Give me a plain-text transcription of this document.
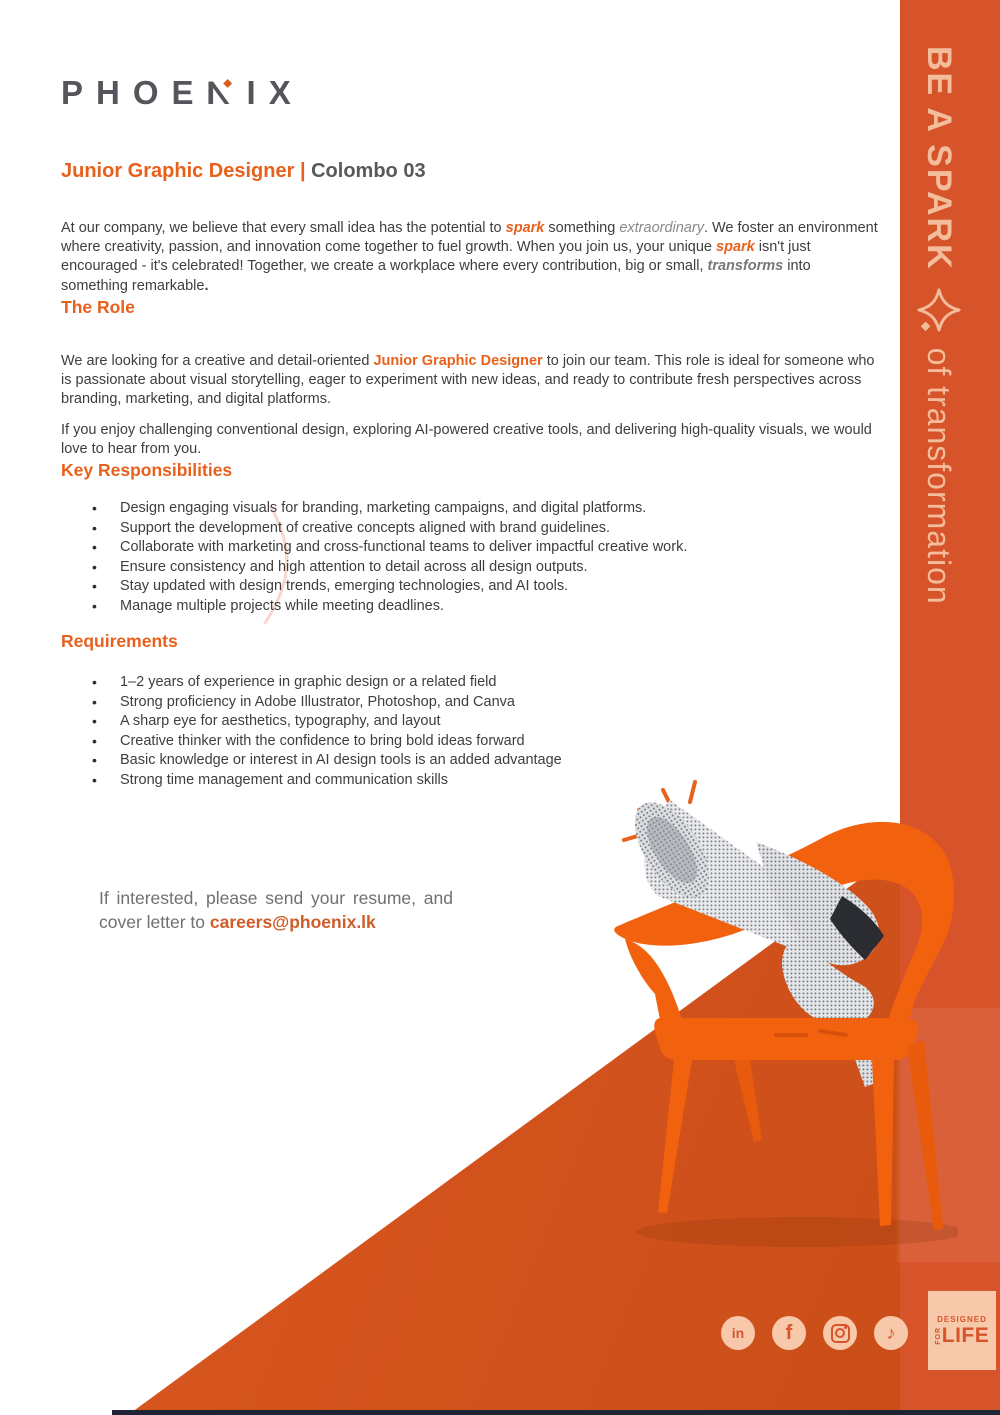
BE A SPARK  of transformation
PHOE IX
Junior Graphic Designer | Colombo 03

At our company, we believe that every small idea has the potential to spark something extraordinary. We foster an environment where creativity, passion, and innovation come together to fuel growth. When you join us, your unique spark isn't just encouraged - it's celebrated! Together, we create a workplace where every contribution, big or small, transforms into something remarkable.

The Role

We are looking for a creative and detail-oriented Junior Graphic Designer to join our team. This role is ideal for someone who is passionate about visual storytelling, eager to experiment with new ideas, and ready to contribute fresh perspectives across branding, marketing, and digital platforms.

If you enjoy challenging conventional design, exploring AI-powered creative tools, and delivering high-quality visuals, we would love to hear from you.

Key Responsibilities
• Design engaging visuals for branding, marketing campaigns, and digital platforms.
• Support the development of creative concepts aligned with brand guidelines.
• Collaborate with marketing and cross-functional teams to deliver impactful creative work.
• Ensure consistency and high attention to detail across all design outputs.
• Stay updated with design trends, emerging technologies, and AI tools.
• Manage multiple projects while meeting deadlines.
Requirements
• 1–2 years of experience in graphic design or a related field
• Strong proficiency in Adobe Illustrator, Photoshop, and Canva
• A sharp eye for aesthetics, typography, and layout
• Creative thinker with the confidence to bring bold ideas forward
• Basic knowledge or interest in AI design tools is an added advantage
• Strong time management and communication skills

If interested, please send your resume, and cover letter to careers@phoenix.lk

in f	♪
DESIGNED
FOR LIFE
